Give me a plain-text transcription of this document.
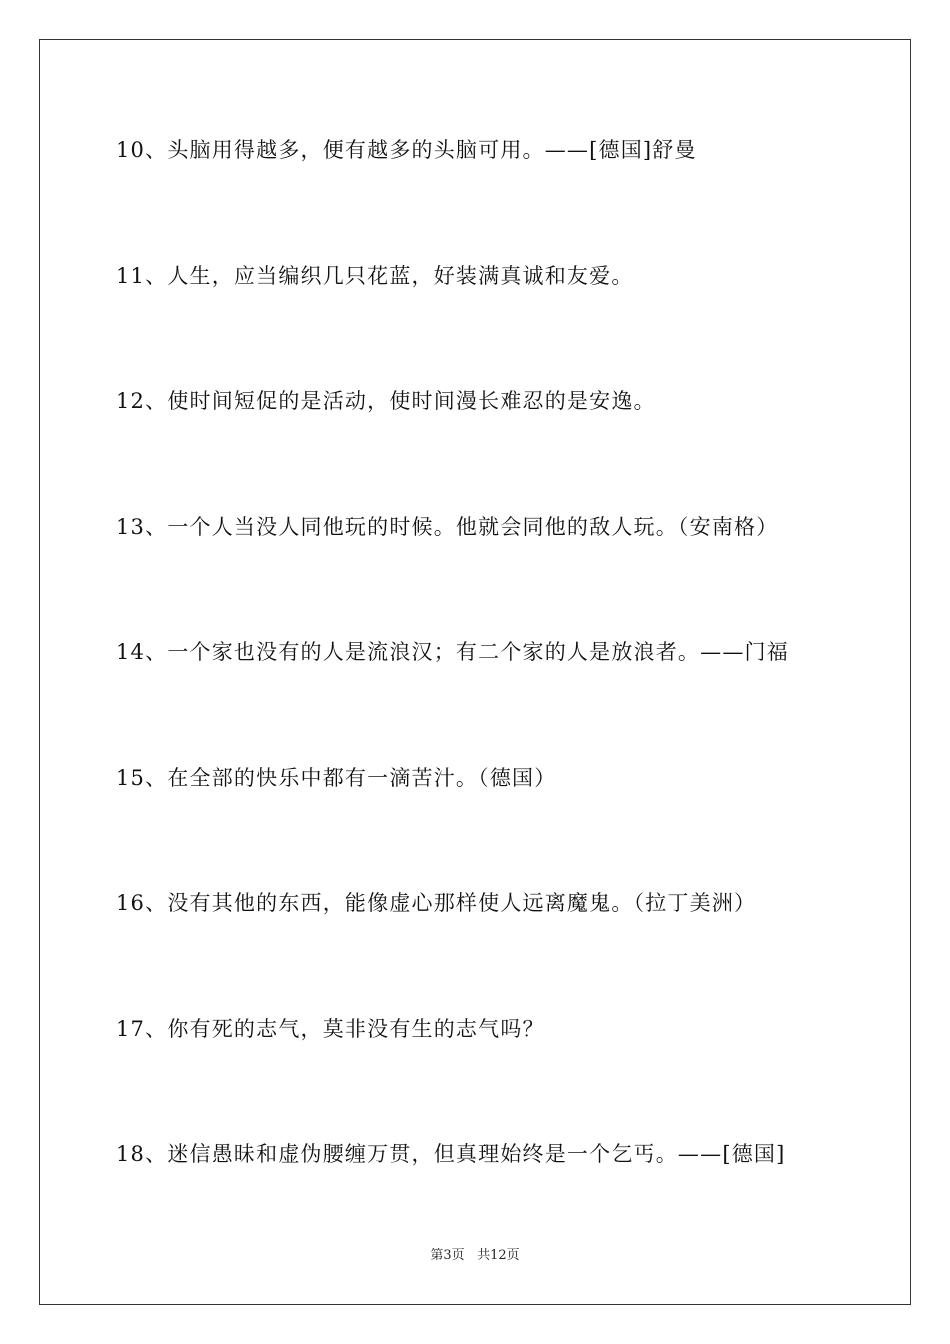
10、头脑用得越多，便有越多的头脑可用。——[德国]舒曼
11、人生，应当编织几只花蓝，好装满真诚和友爱。
12、使时间短促的是活动，使时间漫长难忍的是安逸。
13、一个人当没人同他玩的时候。他就会同他的敌人玩。（安南格）
14、一个家也没有的人是流浪汉；有二个家的人是放浪者。——门福
15、在全部的快乐中都有一滴苦汁。（德国）
16、没有其他的东西，能像虚心那样使人远离魔鬼。（拉丁美洲）
17、你有死的志气，莫非没有生的志气吗？
18、迷信愚昧和虚伪腰缠万贯，但真理始终是一个乞丐。——[德国]
第3页 共12页
